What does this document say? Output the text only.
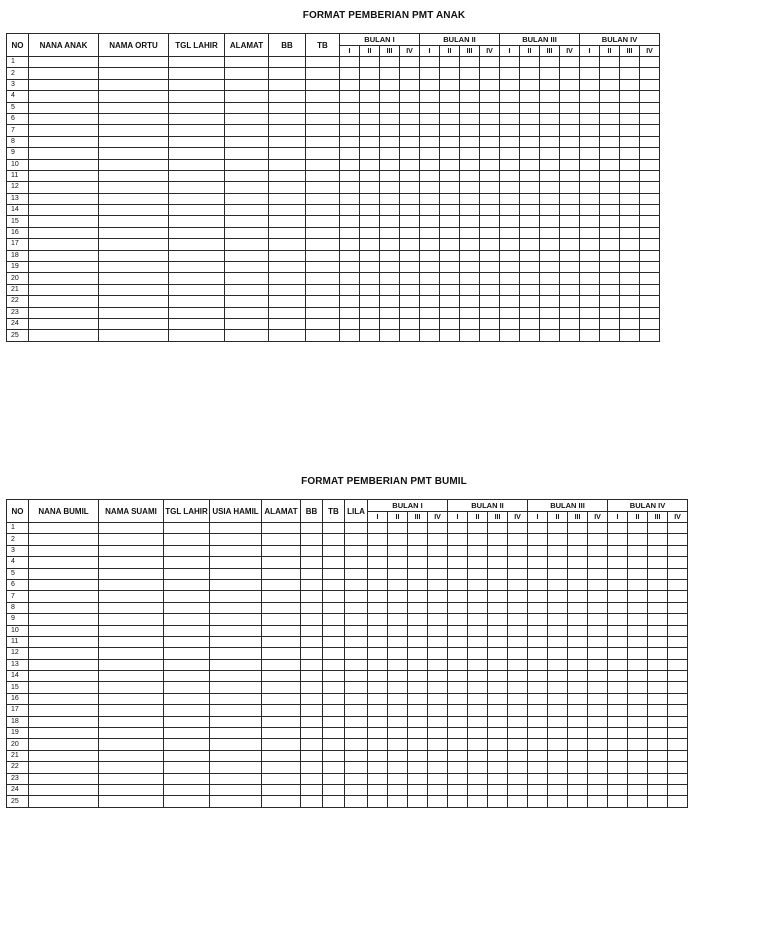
FORMAT PEMBERIAN PMT ANAK
NO	NANA ANAK	NAMA ORTU	TGL LAHIR	ALAMAT	BB	TB	BULAN I				BULAN II				BULAN III				BULAN IV			
							I	II	III	IV	I	II	III	IV	I	II	III	IV	I	II	III	IV
1																						
2																						
3																						
4																						
5																						
6																						
7																						
8																						
9																						
10																						
11																						
12																						
13																						
14																						
15																						
16																						
17																						
18																						
19																						
20																						
21																						
22																						
23																						
24																						
25																						
FORMAT PEMBERIAN PMT BUMIL
NO	NANA BUMIL	NAMA SUAMI	TGL LAHIR	USIA HAMIL	ALAMAT	BB	TB	LILA	BULAN I				BULAN II				BULAN III				BULAN IV			
									I	II	III	IV	I	II	III	IV	I	II	III	IV	I	II	III	IV
1																								
2																								
3																								
4																								
5																								
6																								
7																								
8																								
9																								
10																								
11																								
12																								
13																								
14																								
15																								
16																								
17																								
18																								
19																								
20																								
21																								
22																								
23																								
24																								
25																								
